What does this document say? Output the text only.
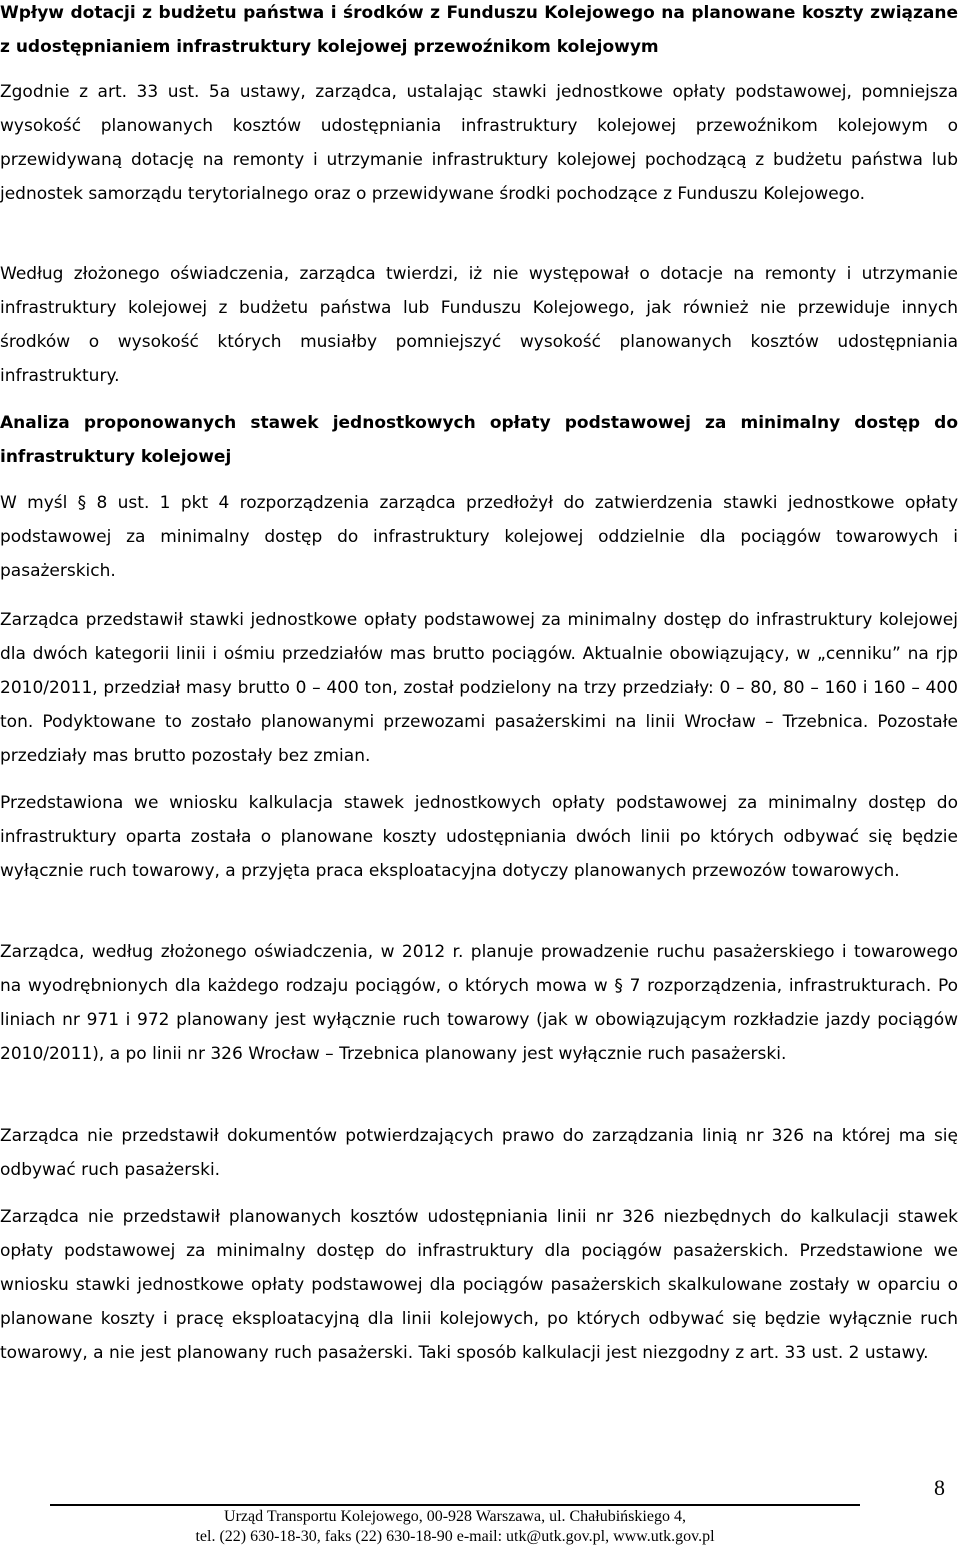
Wpływ dotacji z budżetu państwa i środków z Funduszu Kolejowego na planowane koszty związane z udostępnianiem infrastruktury kolejowej przewoźnikom kolejowym

Zgodnie z art. 33 ust. 5a ustawy, zarządca, ustalając stawki jednostkowe opłaty podstawowej, pomniejsza wysokość planowanych kosztów udostępniania infrastruktury kolejowej przewoźnikom kolejowym o przewidywaną dotację na remonty i utrzymanie infrastruktury kolejowej pochodzącą z budżetu państwa lub jednostek samorządu terytorialnego oraz o przewidywane środki pochodzące z Funduszu Kolejowego.

Według złożonego oświadczenia, zarządca twierdzi, iż nie występował o dotacje na remonty i utrzymanie infrastruktury kolejowej z budżetu państwa lub Funduszu Kolejowego, jak również nie przewiduje innych środków o wysokość których musiałby pomniejszyć wysokość planowanych kosztów udostępniania infrastruktury.

Analiza proponowanych stawek jednostkowych opłaty podstawowej za minimalny dostęp do infrastruktury kolejowej

W myśl § 8 ust. 1 pkt 4 rozporządzenia zarządca przedłożył do zatwierdzenia stawki jednostkowe opłaty podstawowej za minimalny dostęp do infrastruktury kolejowej oddzielnie dla pociągów towarowych i pasażerskich.

Zarządca przedstawił stawki jednostkowe opłaty podstawowej za minimalny dostęp do infrastruktury kolejowej dla dwóch kategorii linii i ośmiu przedziałów mas brutto pociągów. Aktualnie obowiązujący, w „cenniku” na rjp 2010/2011, przedział masy brutto 0 – 400 ton, został podzielony na trzy przedziały: 0 – 80, 80 – 160 i 160 – 400 ton. Podyktowane to zostało planowanymi przewozami pasażerskimi na linii Wrocław – Trzebnica. Pozostałe przedziały mas brutto pozostały bez zmian.

Przedstawiona we wniosku kalkulacja stawek jednostkowych opłaty podstawowej za minimalny dostęp do infrastruktury oparta została o planowane koszty udostępniania dwóch linii po których odbywać się będzie wyłącznie ruch towarowy, a przyjęta praca eksploatacyjna dotyczy planowanych przewozów towarowych.

Zarządca, według złożonego oświadczenia, w 2012 r. planuje prowadzenie ruchu pasażerskiego i towarowego na wyodrębnionych dla każdego rodzaju pociągów, o których mowa w § 7 rozporządzenia, infrastrukturach. Po liniach nr 971 i 972 planowany jest wyłącznie ruch towarowy (jak w obowiązującym rozkładzie jazdy pociągów 2010/2011), a po linii nr 326 Wrocław – Trzebnica planowany jest wyłącznie ruch pasażerski.

Zarządca nie przedstawił dokumentów potwierdzających prawo do zarządzania linią nr 326 na której ma się odbywać ruch pasażerski.

Zarządca nie przedstawił planowanych kosztów udostępniania linii nr 326 niezbędnych do kalkulacji stawek opłaty podstawowej za minimalny dostęp do infrastruktury dla pociągów pasażerskich. Przedstawione we wniosku stawki jednostkowe opłaty podstawowej dla pociągów pasażerskich skalkulowane zostały w oparciu o planowane koszty i pracę eksploatacyjną dla linii kolejowych, po których odbywać się będzie wyłącznie ruch towarowy, a nie jest planowany ruch pasażerski. Taki sposób kalkulacji jest niezgodny z art. 33 ust. 2 ustawy.

Urząd Transportu Kolejowego, 00-928 Warszawa, ul. Chałubińskiego 4,
tel. (22) 630-18-30, faks (22) 630-18-90 e-mail: utk@utk.gov.pl, www.utk.gov.pl
8
